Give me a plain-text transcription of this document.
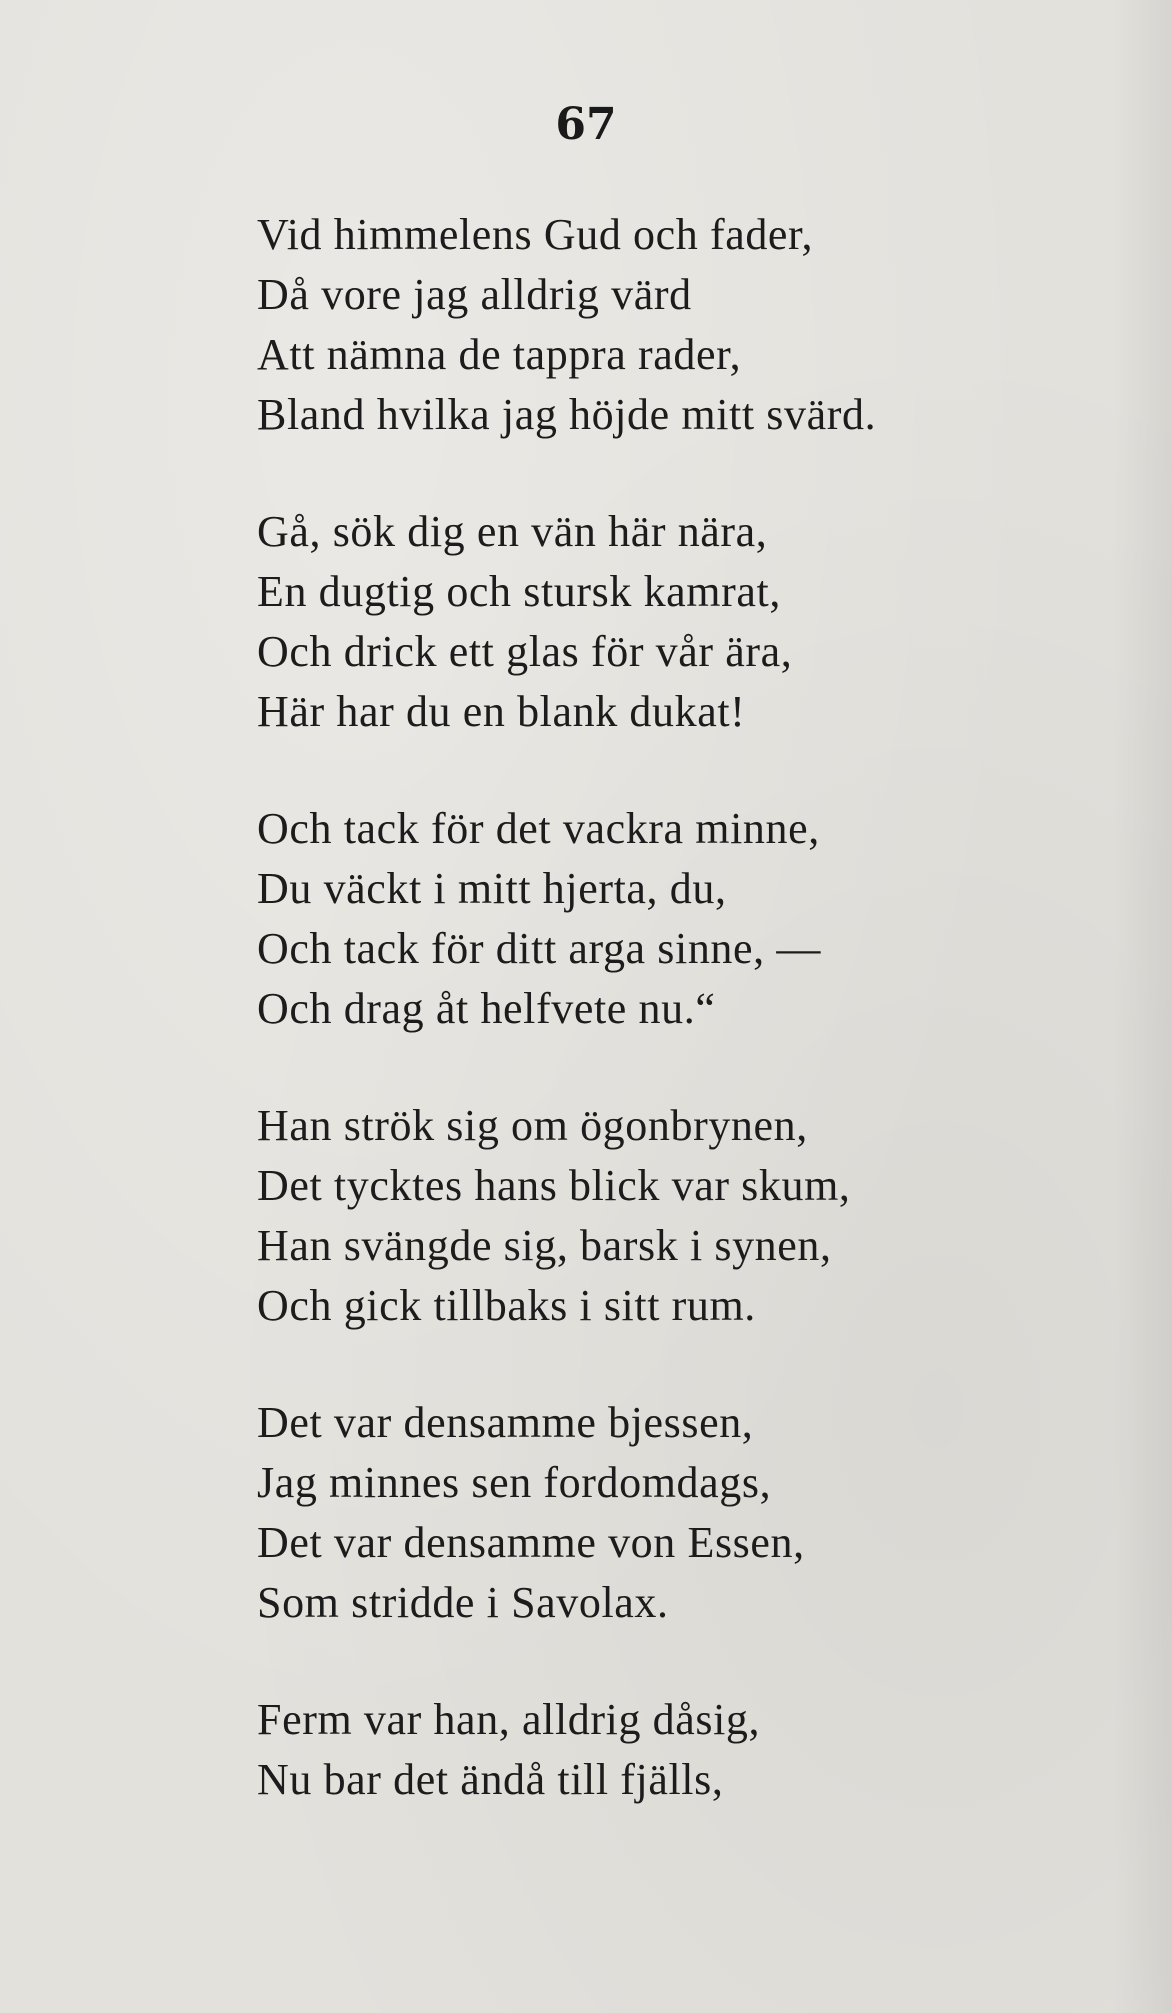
67
Vid himmelens Gud och fader,
Då vore jag alldrig värd
Att nämna de tappra rader,
Bland hvilka jag höjde mitt svärd.
Gå, sök dig en vän här nära,
En dugtig och stursk kamrat,
Och drick ett glas för vår ära,
Här har du en blank dukat!
Och tack för det vackra minne,
Du väckt i mitt hjerta, du,
Och tack för ditt arga sinne, —
Och drag åt helfvete nu.“
Han strök sig om ögonbrynen,
Det tycktes hans blick var skum,
Han svängde sig, barsk i synen,
Och gick tillbaks i sitt rum.
Det var densamme bjessen,
Jag minnes sen fordomdags,
Det var densamme von Essen,
Som stridde i Savolax.
Ferm var han, alldrig dåsig,
Nu bar det ändå till fjälls,
